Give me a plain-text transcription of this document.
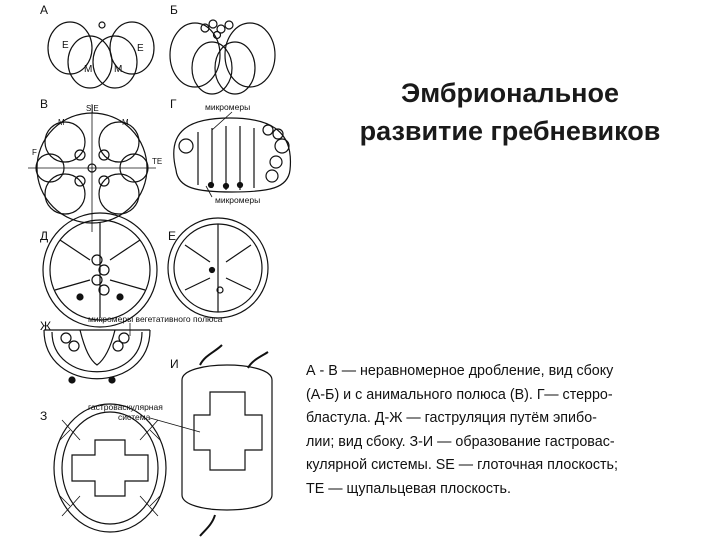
А	Б
В	Г
Д	Е
Ж
З
И
E	E
M M
S|E
M	M
F
TE
микромеры
микромеры
микромеры вегетативного полюса
гастроваскулярная
система
Эмбриональное
развитие гребневиков
А - В — неравномерное дробление, вид сбоку
(А-Б) и с анимального полюса (В). Г— стерро-
бластула. Д-Ж — гаструляция путём эпибо-
лии; вид сбоку. З-И — образование гастровас-
кулярной системы. SE — глоточная плоскость;
ТЕ — щупальцевая плоскость.
